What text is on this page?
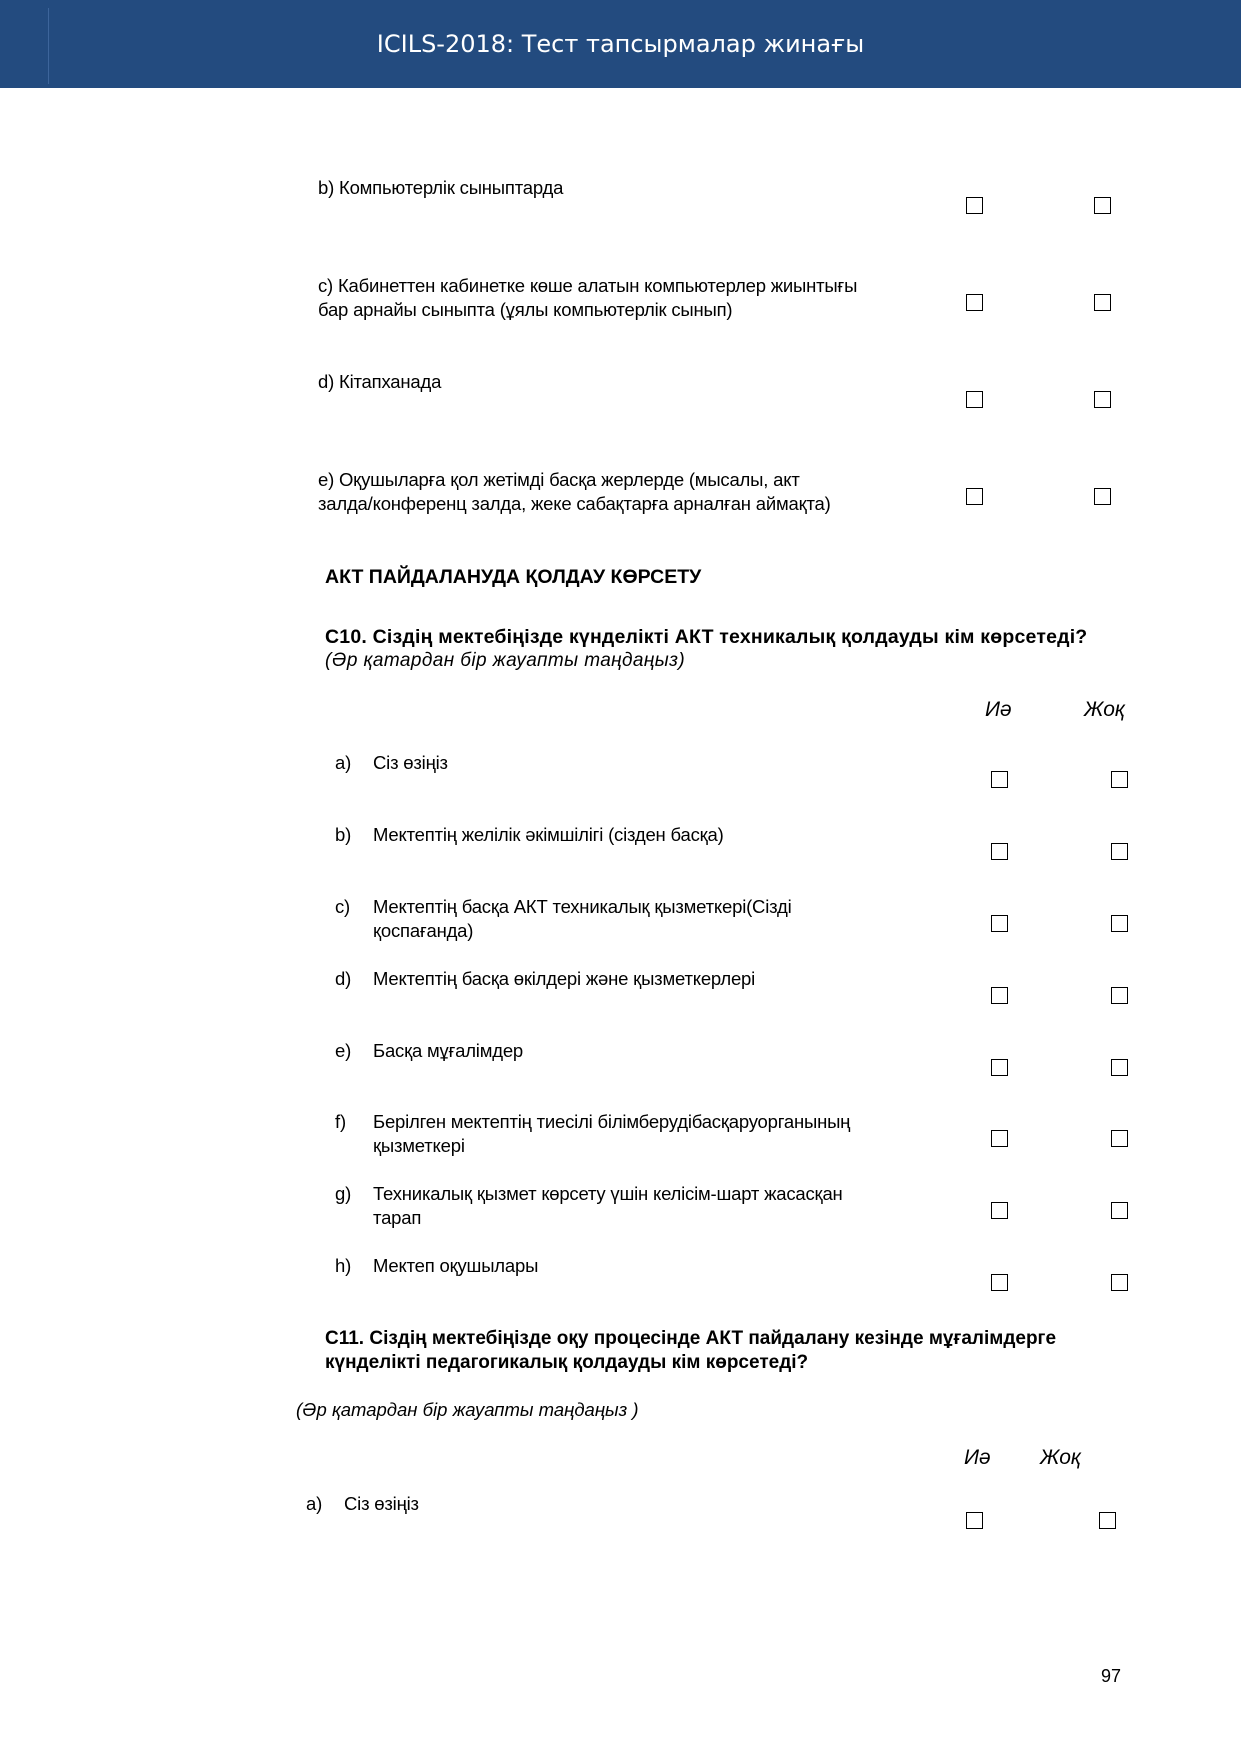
ICILS-2018: Тест тапсырмалар жинағы
b) Компьютерлік сыныптарда
c) Кабинеттен кабинетке көше алатын компьютерлер жиынтығы
бар арнайы сыныпта (ұялы компьютерлік сынып)
d) Кітапханада
e) Оқушыларға қол жетімді басқа жерлерде (мысалы, акт
залда/конференц залда, жеке сабақтарға арналған аймақта)
АКТ ПАЙДАЛАНУДА ҚОЛДАУ КӨРСЕТУ
C10. Сіздің мектебіңізде күнделікті АКТ техникалық қолдауды кім көрсетеді?
(Әр қатардан бір жауапты таңдаңыз)
Иә	Жоқ
a) Сіз өзіңіз
b) Мектептің желілік әкімшілігі (сізден басқа)
c) Мектептің басқа АКТ техникалық қызметкері(Сізді
қоспағанда)
d) Мектептің басқа өкілдері және қызметкерлері
e) Басқа мұғалімдер
f) Берілген мектептің тиесілі білімберудібасқаруорганының
қызметкері
g) Техникалық қызмет көрсету үшін келісім-шарт жасасқан
тарап
h) Мектеп оқушылары
C11. Сіздің мектебіңізде оқу процесінде АКТ пайдалану кезінде мұғалімдерге
күнделікті педагогикалық қолдауды кім көрсетеді?
(Әр қатардан бір жауапты таңдаңыз )
Иә Жоқ
a) Сіз өзіңіз
97
